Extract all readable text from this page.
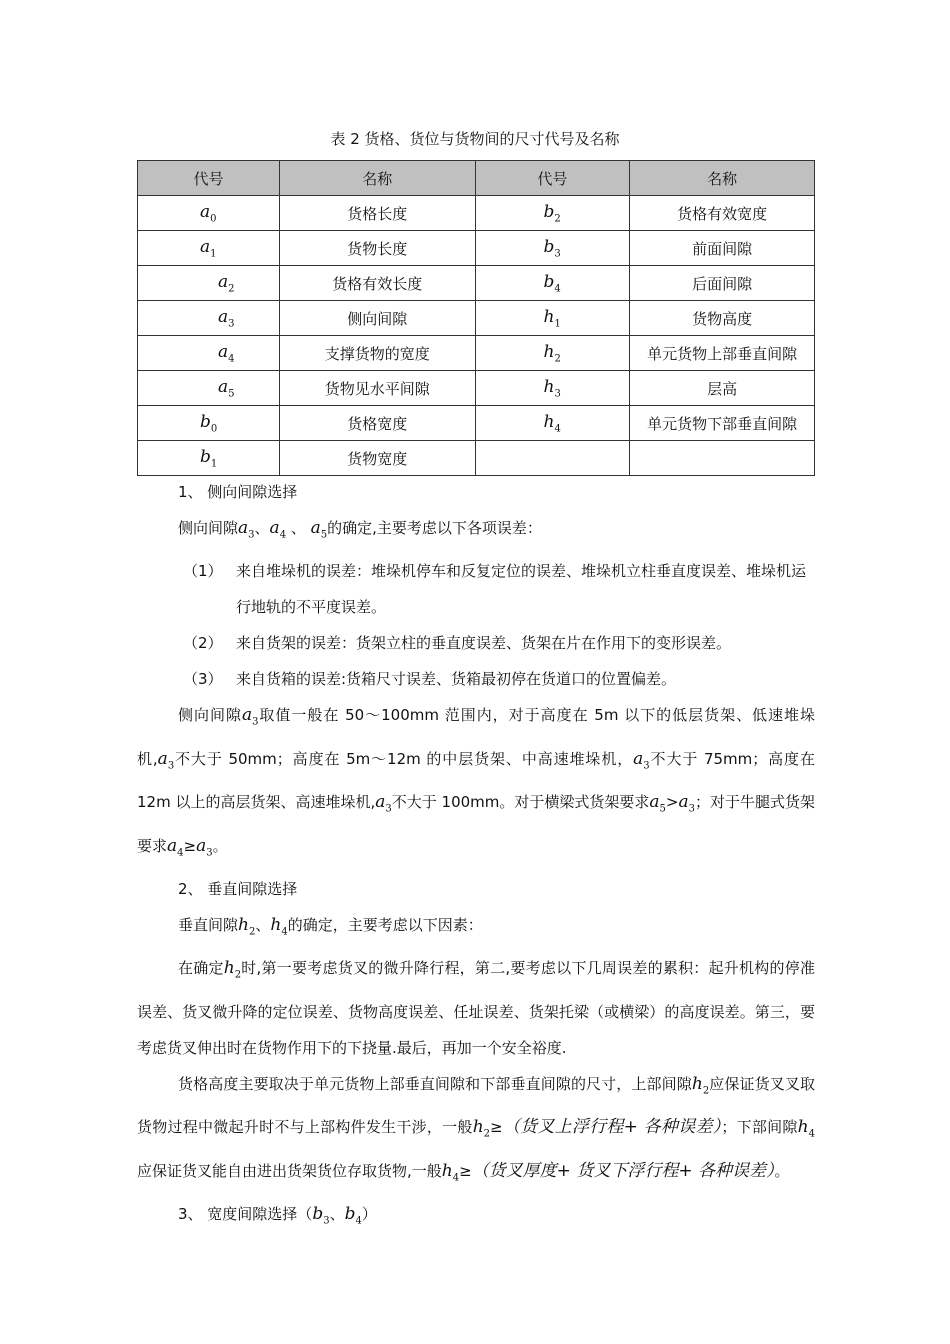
表 2 货格、货位与货物间的尺寸代号及名称
代号	名称	代号	名称
$a_0$	货格长度	$b_2$	货格有效宽度
$a_1$	货物长度	$b_3$	前面间隙
$a_2$	货格有效长度	$b_4$	后面间隙
$a_3$	侧向间隙	$h_1$	货物高度
$a_4$	支撑货物的宽度	$h_2$	单元货物上部垂直间隙
$a_5$	货物见水平间隙	$h_3$	层高
$b_0$	货格宽度	$h_4$	单元货物下部垂直间隙
$b_1$	货物宽度		

1、 侧向间隙选择

侧向间隙$a_3$、$a_4$ 、 $a_5$的确定,主要考虑以下各项误差：

（1） 来自堆垛机的误差：堆垛机停车和反复定位的误差、堆垛机立柱垂直度误差、堆垛机运行地轨的不平度误差。
（2） 来自货架的误差：货架立柱的垂直度误差、货架在片在作用下的变形误差。
（3） 来自货箱的误差:货箱尺寸误差、货箱最初停在货道口的位置偏差。

侧向间隙$a_3$取值一般在 50～100mm 范围内，对于高度在 5m 以下的低层货架、低速堆垛机$,a_3$不大于 50mm；高度在 5m～12m 的中层货架、中高速堆垛机，$a_3$不大于 75mm；高度在 12m 以上的高层货架、高速堆垛机$,a_3$不大于 100mm。对于横梁式货架要求$a_5>a_3$；对于牛腿式货架要求$a_4\ge a_3$。

2、 垂直间隙选择

垂直间隙$h_2$、$h_4$的确定，主要考虑以下因素：

在确定$h_2$时,第一要考虑货叉的微升降行程，第二,要考虑以下几周误差的累积：起升机构的停准误差、货叉微升降的定位误差、货物高度误差、任址误差、货架托梁（或横梁）的高度误差。第三，要考虑货叉伸出时在货物作用下的下挠量.最后，再加一个安全裕度.

货格高度主要取决于单元货物上部垂直间隙和下部垂直间隙的尺寸，上部间隙$h_2$应保证货叉叉取货物过程中微起升时不与上部构件发生干涉，一般$h_2\ge$（货叉上浮行程+ 各种误差）；下部间隙$h_4$应保证货叉能自由进出货架货位存取货物,一般$h_4\ge$（货叉厚度+ 货叉下浮行程+ 各种误差）。

3、 宽度间隙选择（$b_3$、$b_4$）
